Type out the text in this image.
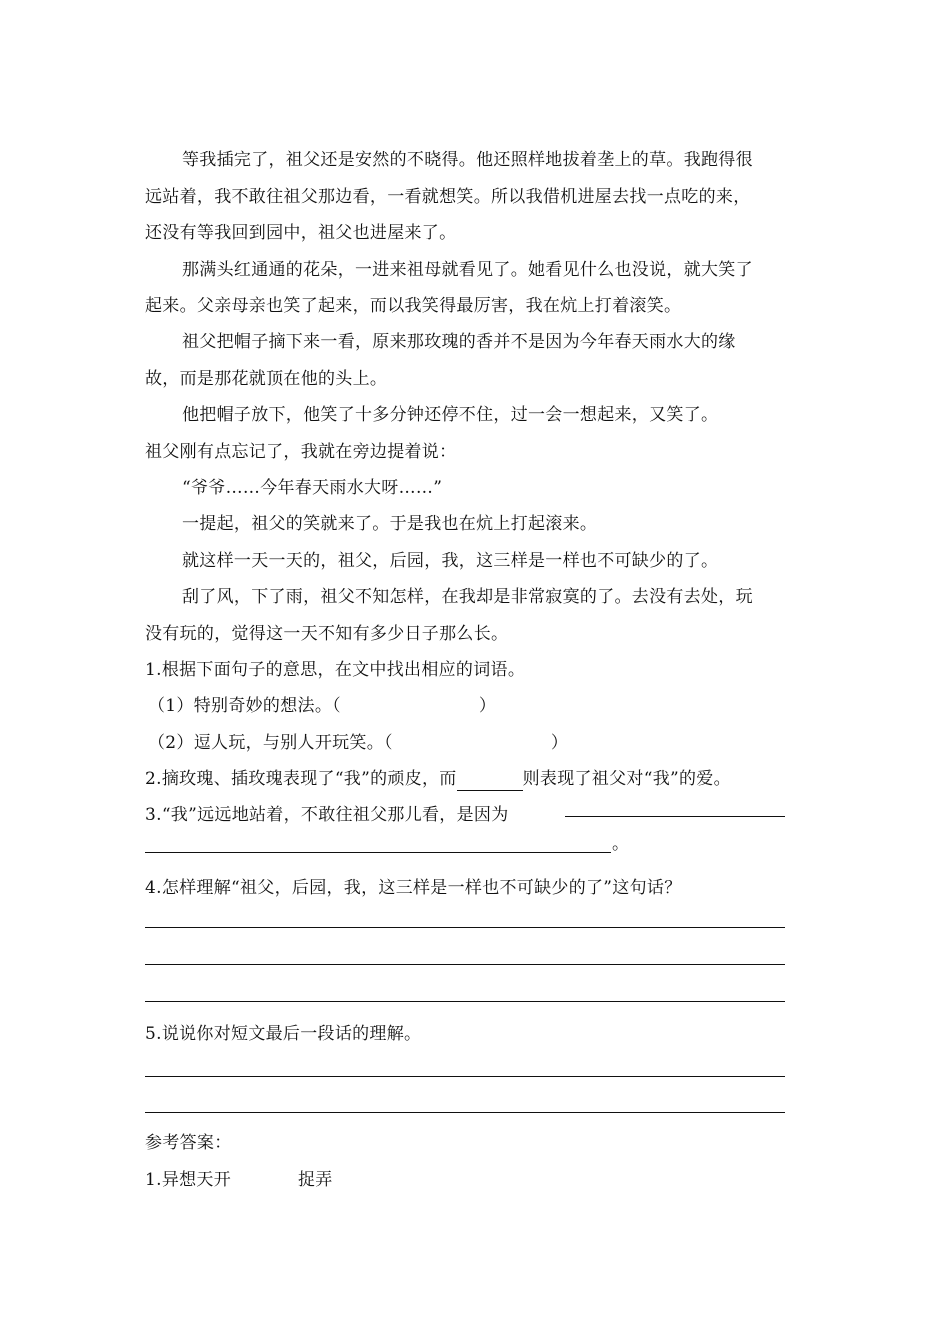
等我插完了，祖父还是安然的不晓得。他还照样地拔着垄上的草。我跑得很
远站着，我不敢往祖父那边看，一看就想笑。所以我借机进屋去找一点吃的来，
还没有等我回到园中，祖父也进屋来了。
那满头红通通的花朵，一进来祖母就看见了。她看见什么也没说，就大笑了
起来。父亲母亲也笑了起来，而以我笑得最厉害，我在炕上打着滚笑。
祖父把帽子摘下来一看，原来那玫瑰的香并不是因为今年春天雨水大的缘
故，而是那花就顶在他的头上。
他把帽子放下，他笑了十多分钟还停不住，过一会一想起来，又笑了。
祖父刚有点忘记了，我就在旁边提着说：
“爷爷……今年春天雨水大呀……”
一提起，祖父的笑就来了。于是我也在炕上打起滚来。
就这样一天一天的，祖父，后园，我，这三样是一样也不可缺少的了。
刮了风，下了雨，祖父不知怎样，在我却是非常寂寞的了。去没有去处，玩
没有玩的，觉得这一天不知有多少日子那么长。
1.根据下面句子的意思，在文中找出相应的词语。
（1）特别奇妙的想法。（	）
（2）逗人玩，与别人开玩笑。（	）
2.摘玫瑰、插玫瑰表现了“我”的顽皮，而	则表现了祖父对“我”的爱。
3.“我”远远地站着，不敢往祖父那儿看，是因为
。
4.怎样理解“祖父，后园，我，这三样是一样也不可缺少的了”这句话？
5.说说你对短文最后一段话的理解。
参考答案：
1.异想天开	捉弄
